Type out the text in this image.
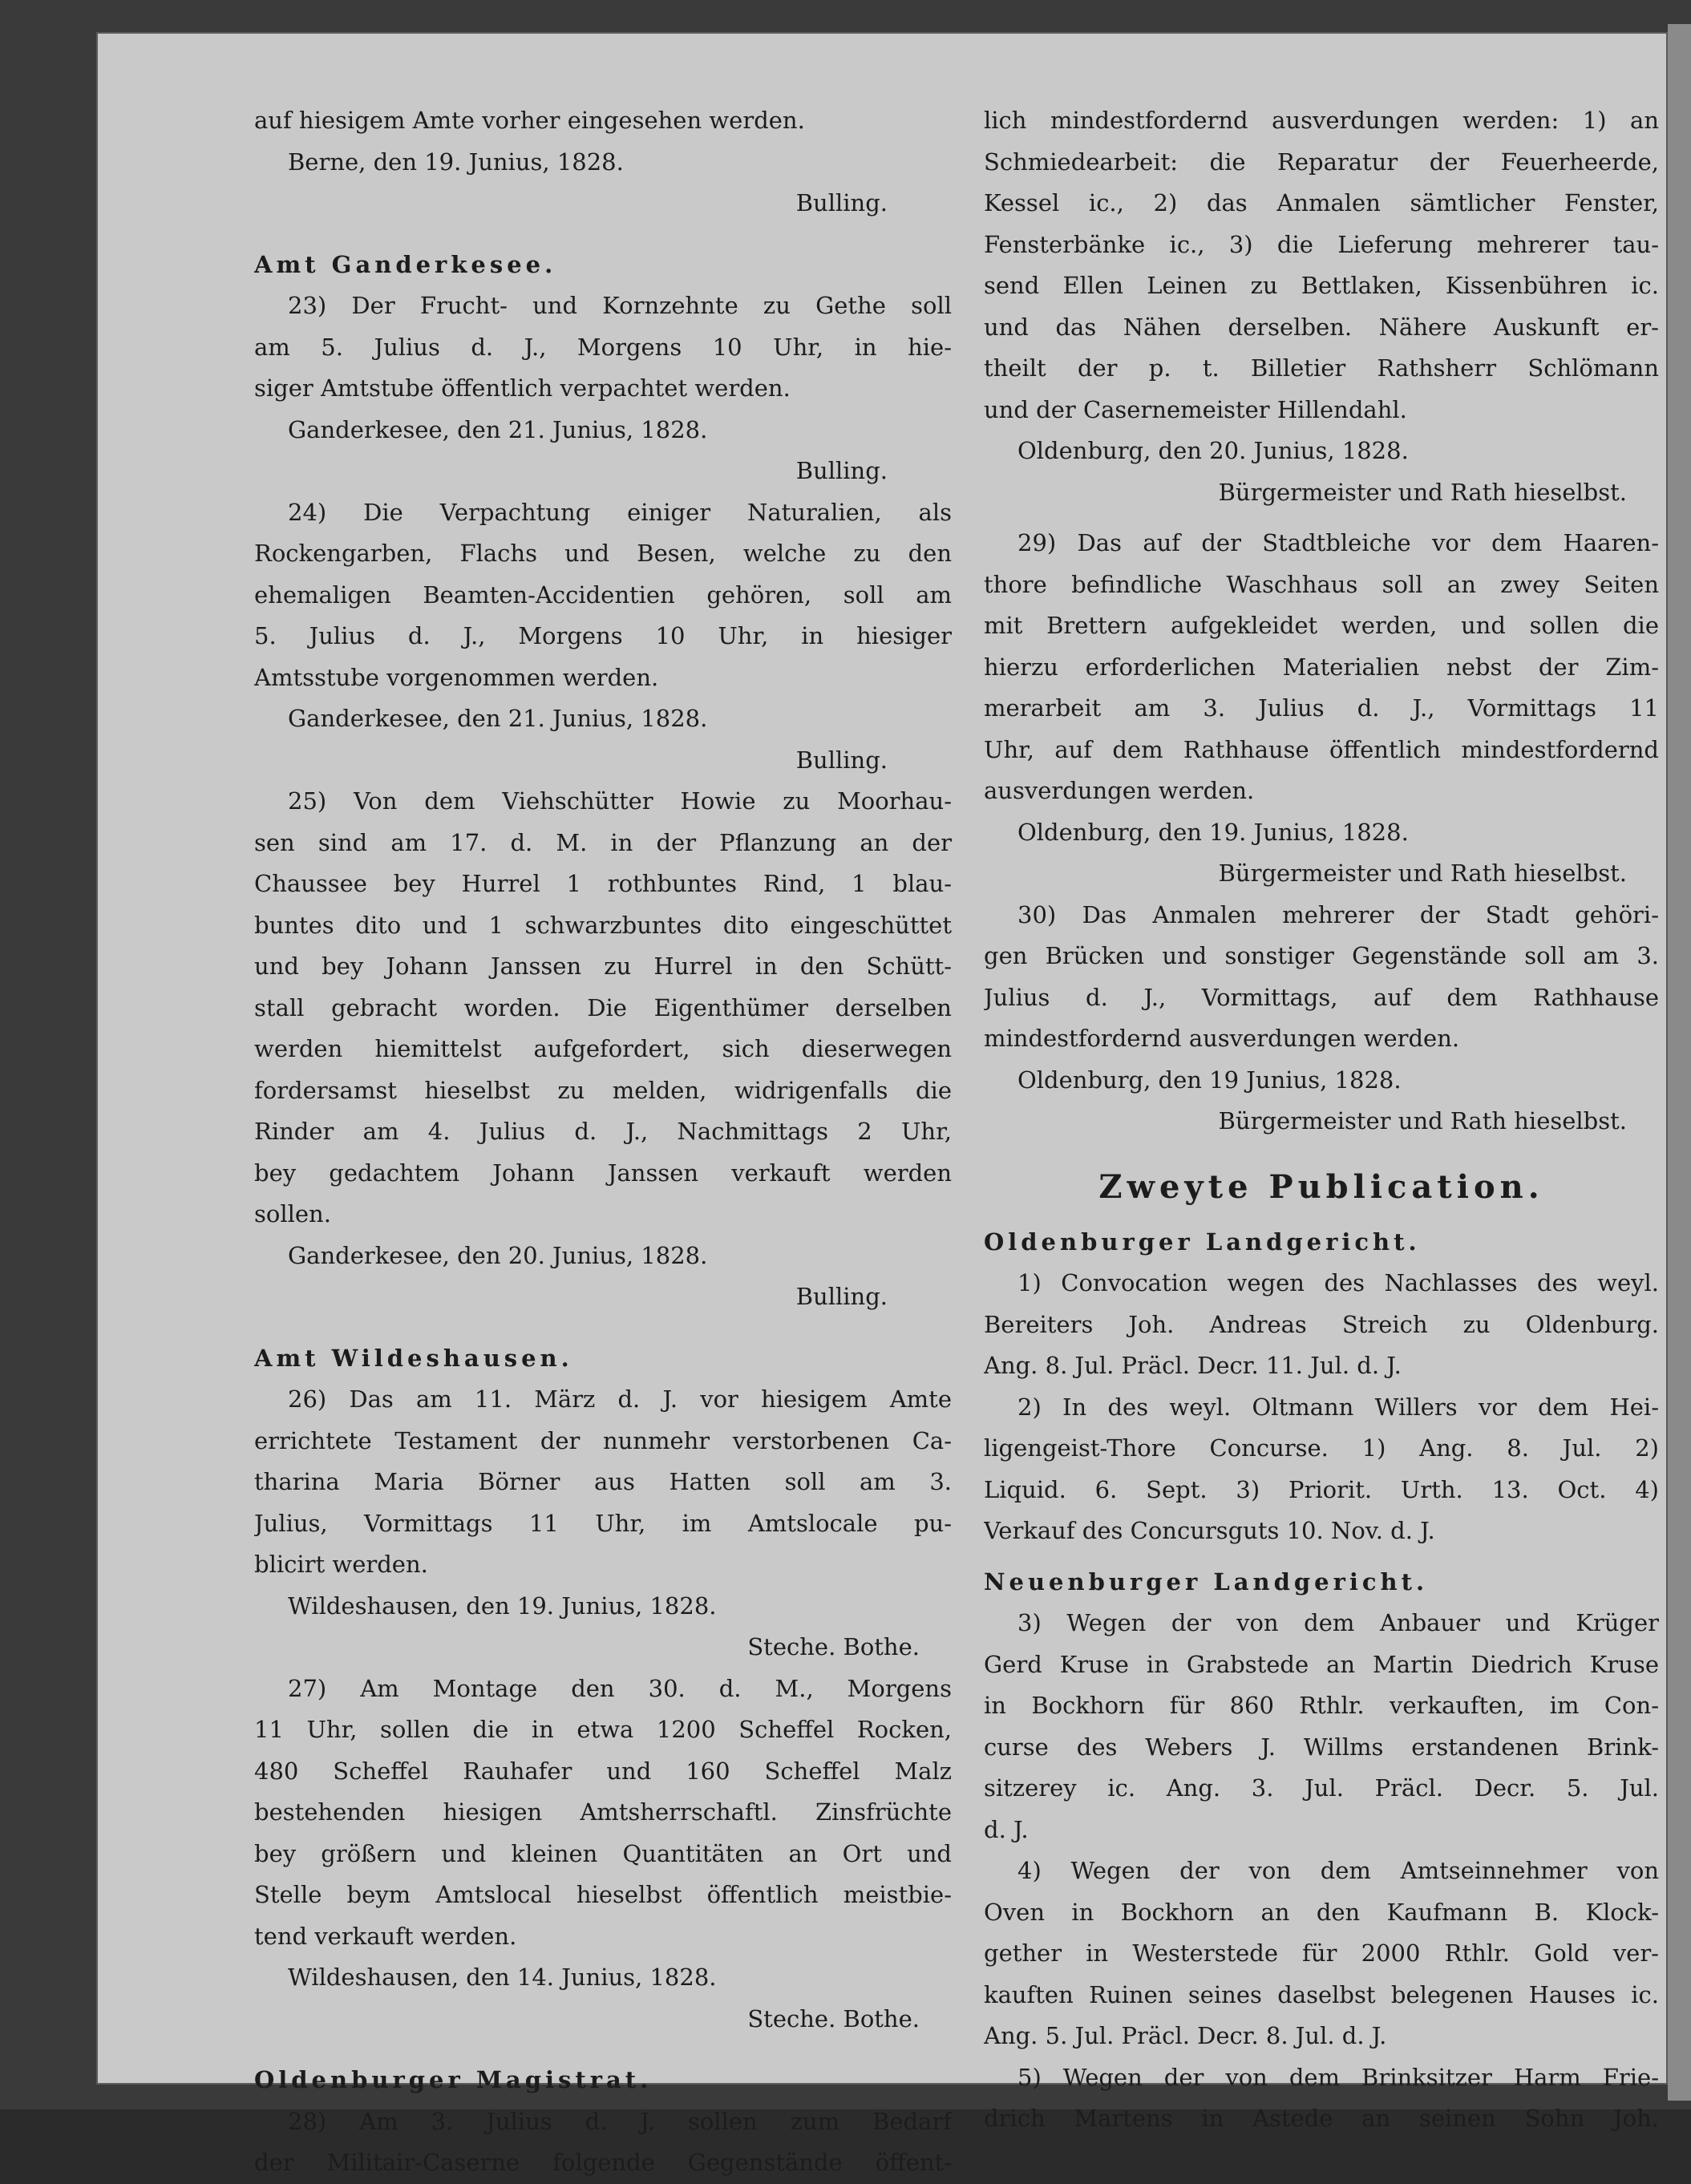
auf hiesigem Amte vorher eingesehen werden.
Berne, den 19. Junius, 1828.
Bulling.
Amt Ganderkesee.
23) Der Frucht- und Kornzehnte zu Gethe soll
am 5. Julius d. J., Morgens 10 Uhr, in hie-
siger Amtstube öffentlich verpachtet werden.
Ganderkesee, den 21. Junius, 1828.
Bulling.
24) Die Verpachtung einiger Naturalien, als
Rockengarben, Flachs und Besen, welche zu den
ehemaligen Beamten-Accidentien gehören, soll am
5. Julius d. J., Morgens 10 Uhr, in hiesiger
Amtsstube vorgenommen werden.
Ganderkesee, den 21. Junius, 1828.
Bulling.
25) Von dem Viehschütter Howie zu Moorhau-
sen sind am 17. d. M. in der Pflanzung an der
Chaussee bey Hurrel 1 rothbuntes Rind, 1 blau-
buntes dito und 1 schwarzbuntes dito eingeschüttet
und bey Johann Janssen zu Hurrel in den Schütt-
stall gebracht worden. Die Eigenthümer derselben
werden hiemittelst aufgefordert, sich dieserwegen
fordersamst hieselbst zu melden, widrigenfalls die
Rinder am 4. Julius d. J., Nachmittags 2 Uhr,
bey gedachtem Johann Janssen verkauft werden
sollen.
Ganderkesee, den 20. Junius, 1828.
Bulling.
Amt Wildeshausen.
26) Das am 11. März d. J. vor hiesigem Amte
errichtete Testament der nunmehr verstorbenen Ca-
tharina Maria Börner aus Hatten soll am 3.
Julius, Vormittags 11 Uhr, im Amtslocale pu-
blicirt werden.
Wildeshausen, den 19. Junius, 1828.
Steche. Bothe.
27) Am Montage den 30. d. M., Morgens
11 Uhr, sollen die in etwa 1200 Scheffel Rocken,
480 Scheffel Rauhafer und 160 Scheffel Malz
bestehenden hiesigen Amtsherrschaftl. Zinsfrüchte
bey größern und kleinen Quantitäten an Ort und
Stelle beym Amtslocal hieselbst öffentlich meistbie-
tend verkauft werden.
Wildeshausen, den 14. Junius, 1828.
Steche. Bothe.
Oldenburger Magistrat.
28) Am 3. Julius d. J. sollen zum Bedarf
der Militair-Caserne folgende Gegenstände öffent-
lich mindestfordernd ausverdungen werden: 1) an
Schmiedearbeit: die Reparatur der Feuerheerde,
Kessel ic., 2) das Anmalen sämtlicher Fenster,
Fensterbänke ic., 3) die Lieferung mehrerer tau-
send Ellen Leinen zu Bettlaken, Kissenbühren ic.
und das Nähen derselben. Nähere Auskunft er-
theilt der p. t. Billetier Rathsherr Schlömann
und der Casernemeister Hillendahl.
Oldenburg, den 20. Junius, 1828.
Bürgermeister und Rath hieselbst.
29) Das auf der Stadtbleiche vor dem Haaren-
thore befindliche Waschhaus soll an zwey Seiten
mit Brettern aufgekleidet werden, und sollen die
hierzu erforderlichen Materialien nebst der Zim-
merarbeit am 3. Julius d. J., Vormittags 11
Uhr, auf dem Rathhause öffentlich mindestfordernd
ausverdungen werden.
Oldenburg, den 19. Junius, 1828.
Bürgermeister und Rath hieselbst.
30) Das Anmalen mehrerer der Stadt gehöri-
gen Brücken und sonstiger Gegenstände soll am 3.
Julius d. J., Vormittags, auf dem Rathhause
mindestfordernd ausverdungen werden.
Oldenburg, den 19 Junius, 1828.
Bürgermeister und Rath hieselbst.
Zweyte Publication.
Oldenburger Landgericht.
1) Convocation wegen des Nachlasses des weyl.
Bereiters Joh. Andreas Streich zu Oldenburg.
Ang. 8. Jul. Präcl. Decr. 11. Jul. d. J.
2) In des weyl. Oltmann Willers vor dem Hei-
ligengeist-Thore Concurse. 1) Ang. 8. Jul. 2)
Liquid. 6. Sept. 3) Priorit. Urth. 13. Oct. 4)
Verkauf des Concursguts 10. Nov. d. J.
Neuenburger Landgericht.
3) Wegen der von dem Anbauer und Krüger
Gerd Kruse in Grabstede an Martin Diedrich Kruse
in Bockhorn für 860 Rthlr. verkauften, im Con-
curse des Webers J. Willms erstandenen Brink-
sitzerey ic. Ang. 3. Jul. Präcl. Decr. 5. Jul.
d. J.
4) Wegen der von dem Amtseinnehmer von
Oven in Bockhorn an den Kaufmann B. Klock-
gether in Westerstede für 2000 Rthlr. Gold ver-
kauften Ruinen seines daselbst belegenen Hauses ic.
Ang. 5. Jul. Präcl. Decr. 8. Jul. d. J.
5) Wegen der von dem Brinksitzer Harm Frie-
drich Martens in Astede an seinen Sohn Joh.
